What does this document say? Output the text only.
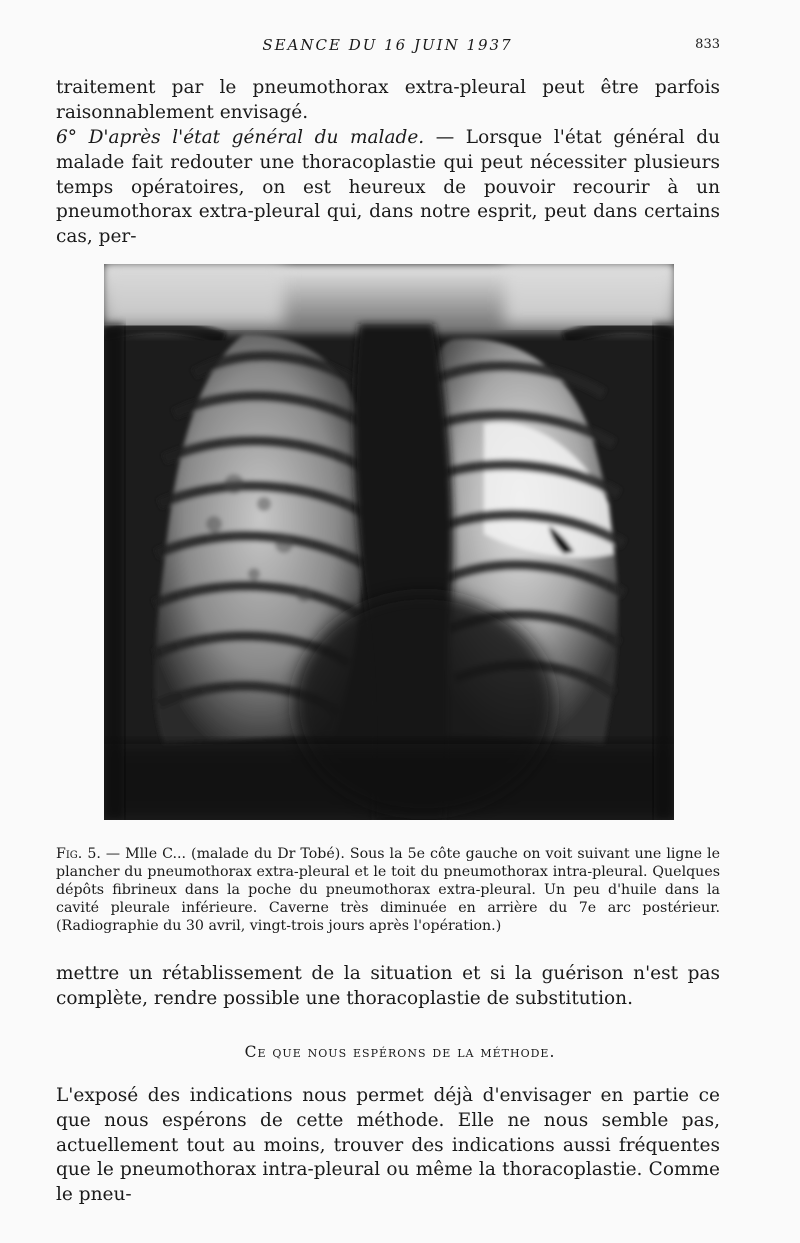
SEANCE DU 16 JUIN 1937	833
traitement par le pneumothorax extra-pleural peut être parfois raisonnablement envisagé.
6° D'après l'état général du malade. — Lorsque l'état général du malade fait redouter une thoracoplastie qui peut nécessiter plusieurs temps opératoires, on est heureux de pouvoir recourir à un pneumothorax extra-pleural qui, dans notre esprit, peut dans certains cas, per-
Fig. 5. — Mlle C... (malade du Dr Tobé). Sous la 5e côte gauche on voit suivant une ligne le plancher du pneumothorax extra-pleural et le toit du pneumothorax intra-pleural. Quelques dépôts fibrineux dans la poche du pneumothorax extra-pleural. Un peu d'huile dans la cavité pleurale inférieure. Caverne très diminuée en arrière du 7e arc postérieur. (Radiographie du 30 avril, vingt-trois jours après l'opération.)
mettre un rétablissement de la situation et si la guérison n'est pas complète, rendre possible une thoracoplastie de substitution.
Ce que nous espérons de la méthode.
L'exposé des indications nous permet déjà d'envisager en partie ce que nous espérons de cette méthode. Elle ne nous semble pas, actuellement tout au moins, trouver des indications aussi fréquentes que le pneumothorax intra-pleural ou même la thoracoplastie. Comme le pneu-
